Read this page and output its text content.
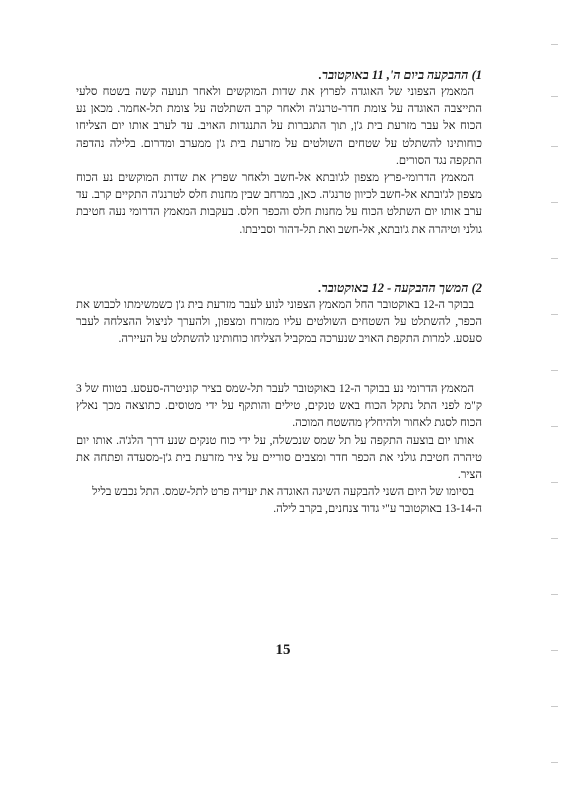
1) ההבקעה ביום ה', 11 באוקטובר.

המאמץ הצפוני של האוגדה לפרוץ את שדות המוקשים ולאחר תנועה קשה בשטח סלעי התייצבה האוגדה על צומת חדר-טרנג'ה ולאחר קרב השתלטה על צומת תל-אחמר. מכאן נע הכוח אל עבר מזרעת בית ג'ן, תוך התגברות על התנגדות האויב. עד לערב אותו יום הצליחו כוחותינו להשתלט על שטחים השולטים על מזרעת בית ג'ן ממערב ומדרום. בלילה נהדפה התקפה נגד הסורים.

המאמץ הדרומי-פרץ מצפון לג'ובתא אל-חשב ולאחר שפרץ את שדות המוקשים נע הכוח מצפון לג'ובתא אל-חשב לכיוון טרנג'ה. כאן, במרחב שבין מחנות חלס לטרנג'ה התקיים קרב. עד ערב אותו יום השתלט הכוח על מחנות חלס והכפר חלס. בעקבות המאמץ הדרומי נעה חטיבת גולני וטיהרה את ג'ובתא, אל-חשב ואת תל-דהור וסביבתו.

2) המשך ההבקעה - 12 באוקטובר.

בבוקר ה-12 באוקטובר החל המאמץ הצפוני לנוע לעבר מזרעת בית ג'ן כשמשימתו לכבוש את הכפר, להשתלט על השטחים השולטים עליו ממזרח ומצפון, ולהערך לניצול ההצלחה לעבר סעסע. למרות התקפת האויב שנערכה במקביל הצליחו כוחותינו להשתלט על העיירה.

המאמץ הדרומי נע בבוקר ה-12 באוקטובר לעבר תל-שמס בציר קוניטרה-סעסע. בטווח של 3 ק"מ לפני התל נתקל הכוח באש טנקים, טילים והותקף על ידי מטוסים. כתוצאה מכך נאלץ הכוח לסגת לאחור ולהיחלץ מהשטח המוכה.

אותו יום בוצעה התקפה על תל שמס שנכשלה, על ידי כוח טנקים שנע דרך הלג'ה. אותו יום טיהרה חטיבת גולני את הכפר חדר ומצבים סוריים על ציר מזרעת בית ג'ן-מסעדה ופתחה את הציר.

בסיומו של היום השני להבקעה השיגה האוגדה את יעדיה פרט לתל-שמס. התל נכבש בליל ה-13-14 באוקטובר ע"י גדוד צנחנים, בקרב לילה.

15
